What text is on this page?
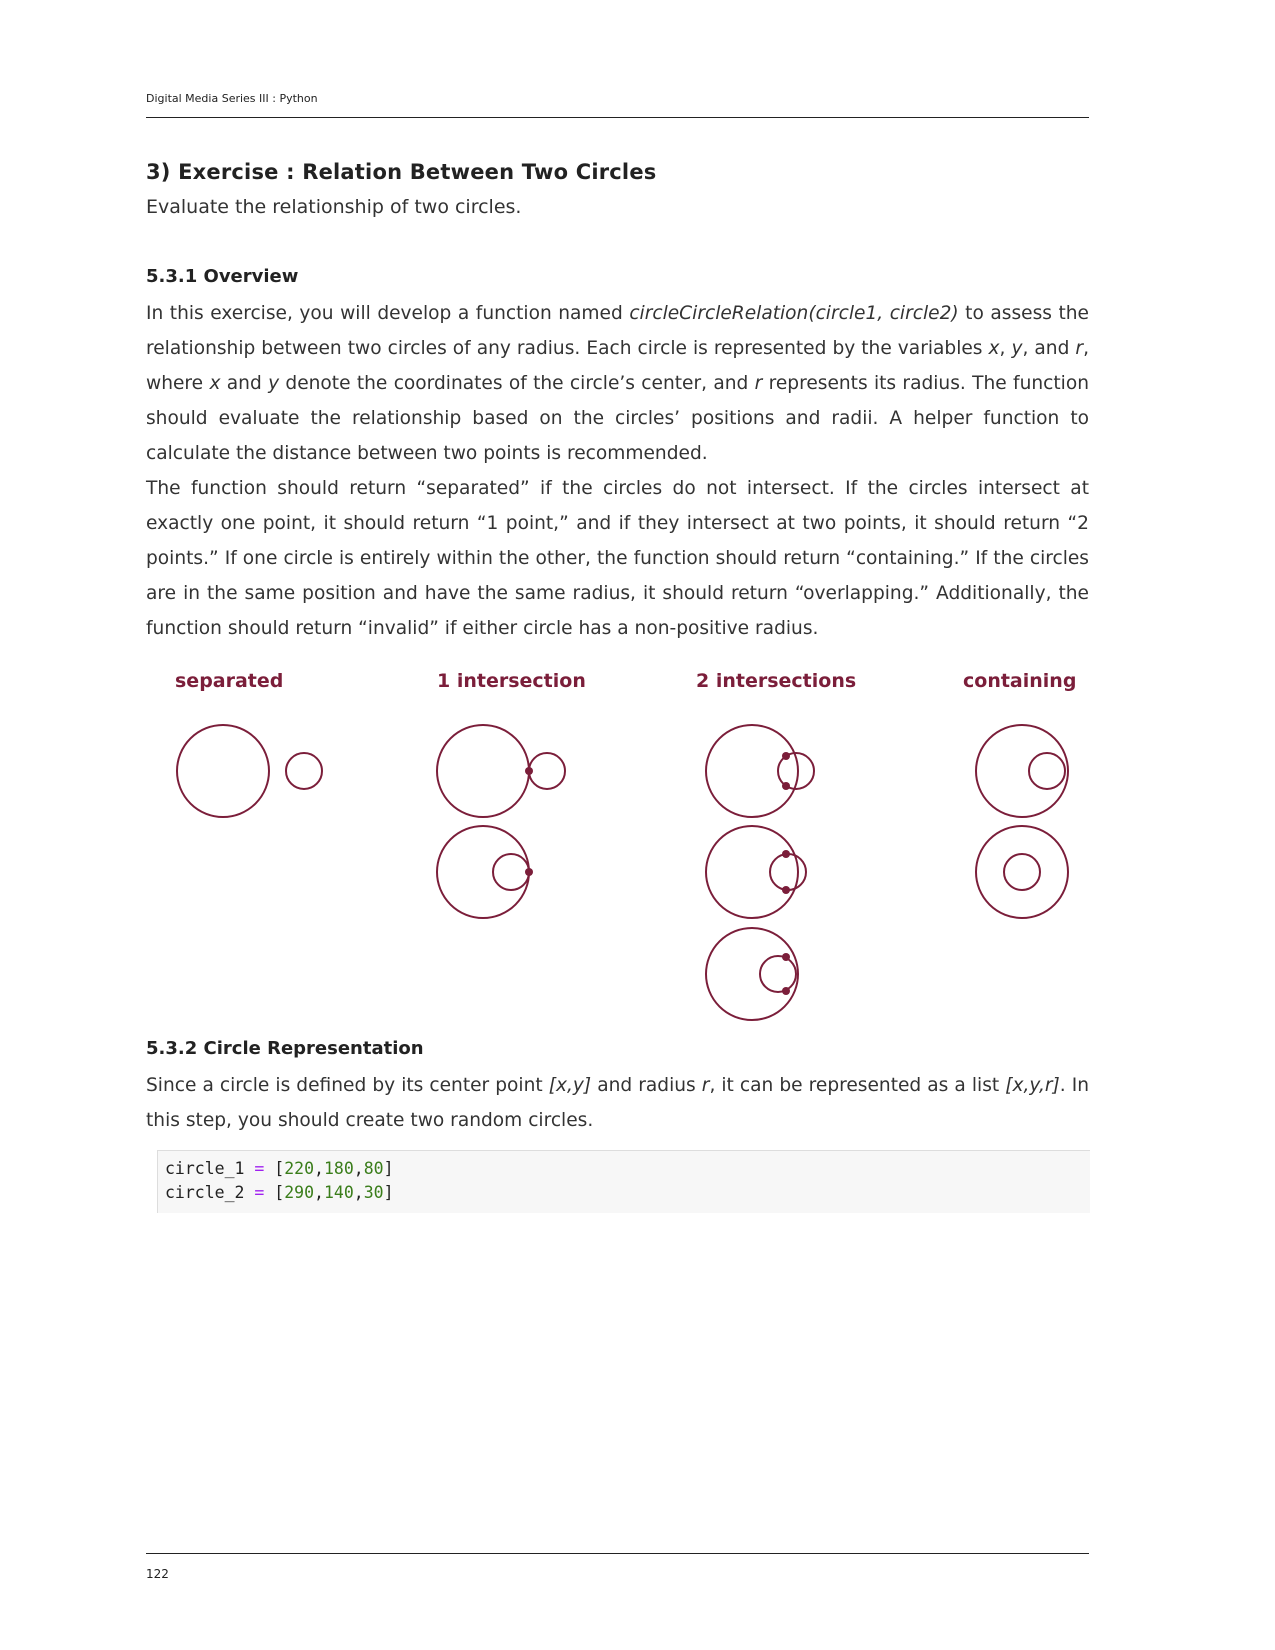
Digital Media Series III : Python
3) Exercise : Relation Between Two Circles
Evaluate the relationship of two circles.
5.3.1 Overview
In this exercise, you will develop a function named circleCircleRelation(circle1, circle2) to assess the relationship between two circles of any radius. Each circle is represented by the variables x, y, and r, where x and y denote the coordinates of the circle’s center, and r represents its radius. The function should evaluate the relationship based on the circles’ positions and radii. A helper function to calculate the distance between two points is recommended.
The function should return “separated” if the circles do not intersect. If the circles intersect at exactly one point, it should return “1 point,” and if they intersect at two points, it should return “2 points.” If one circle is entirely within the other, the function should return “containing.” If the circles are in the same position and have the same radius, it should return “overlapping.” Additionally, the function should return “invalid” if either circle has a non-positive radius.
separated	1 intersection	2 intersections	containing
5.3.2 Circle Representation
Since a circle is defined by its center point [x,y] and radius r, it can be represented as a list [x,y,r]. In this step, you should create two random circles.
circle_1 = [220,180,80]
circle_2 = [290,140,30]
122
